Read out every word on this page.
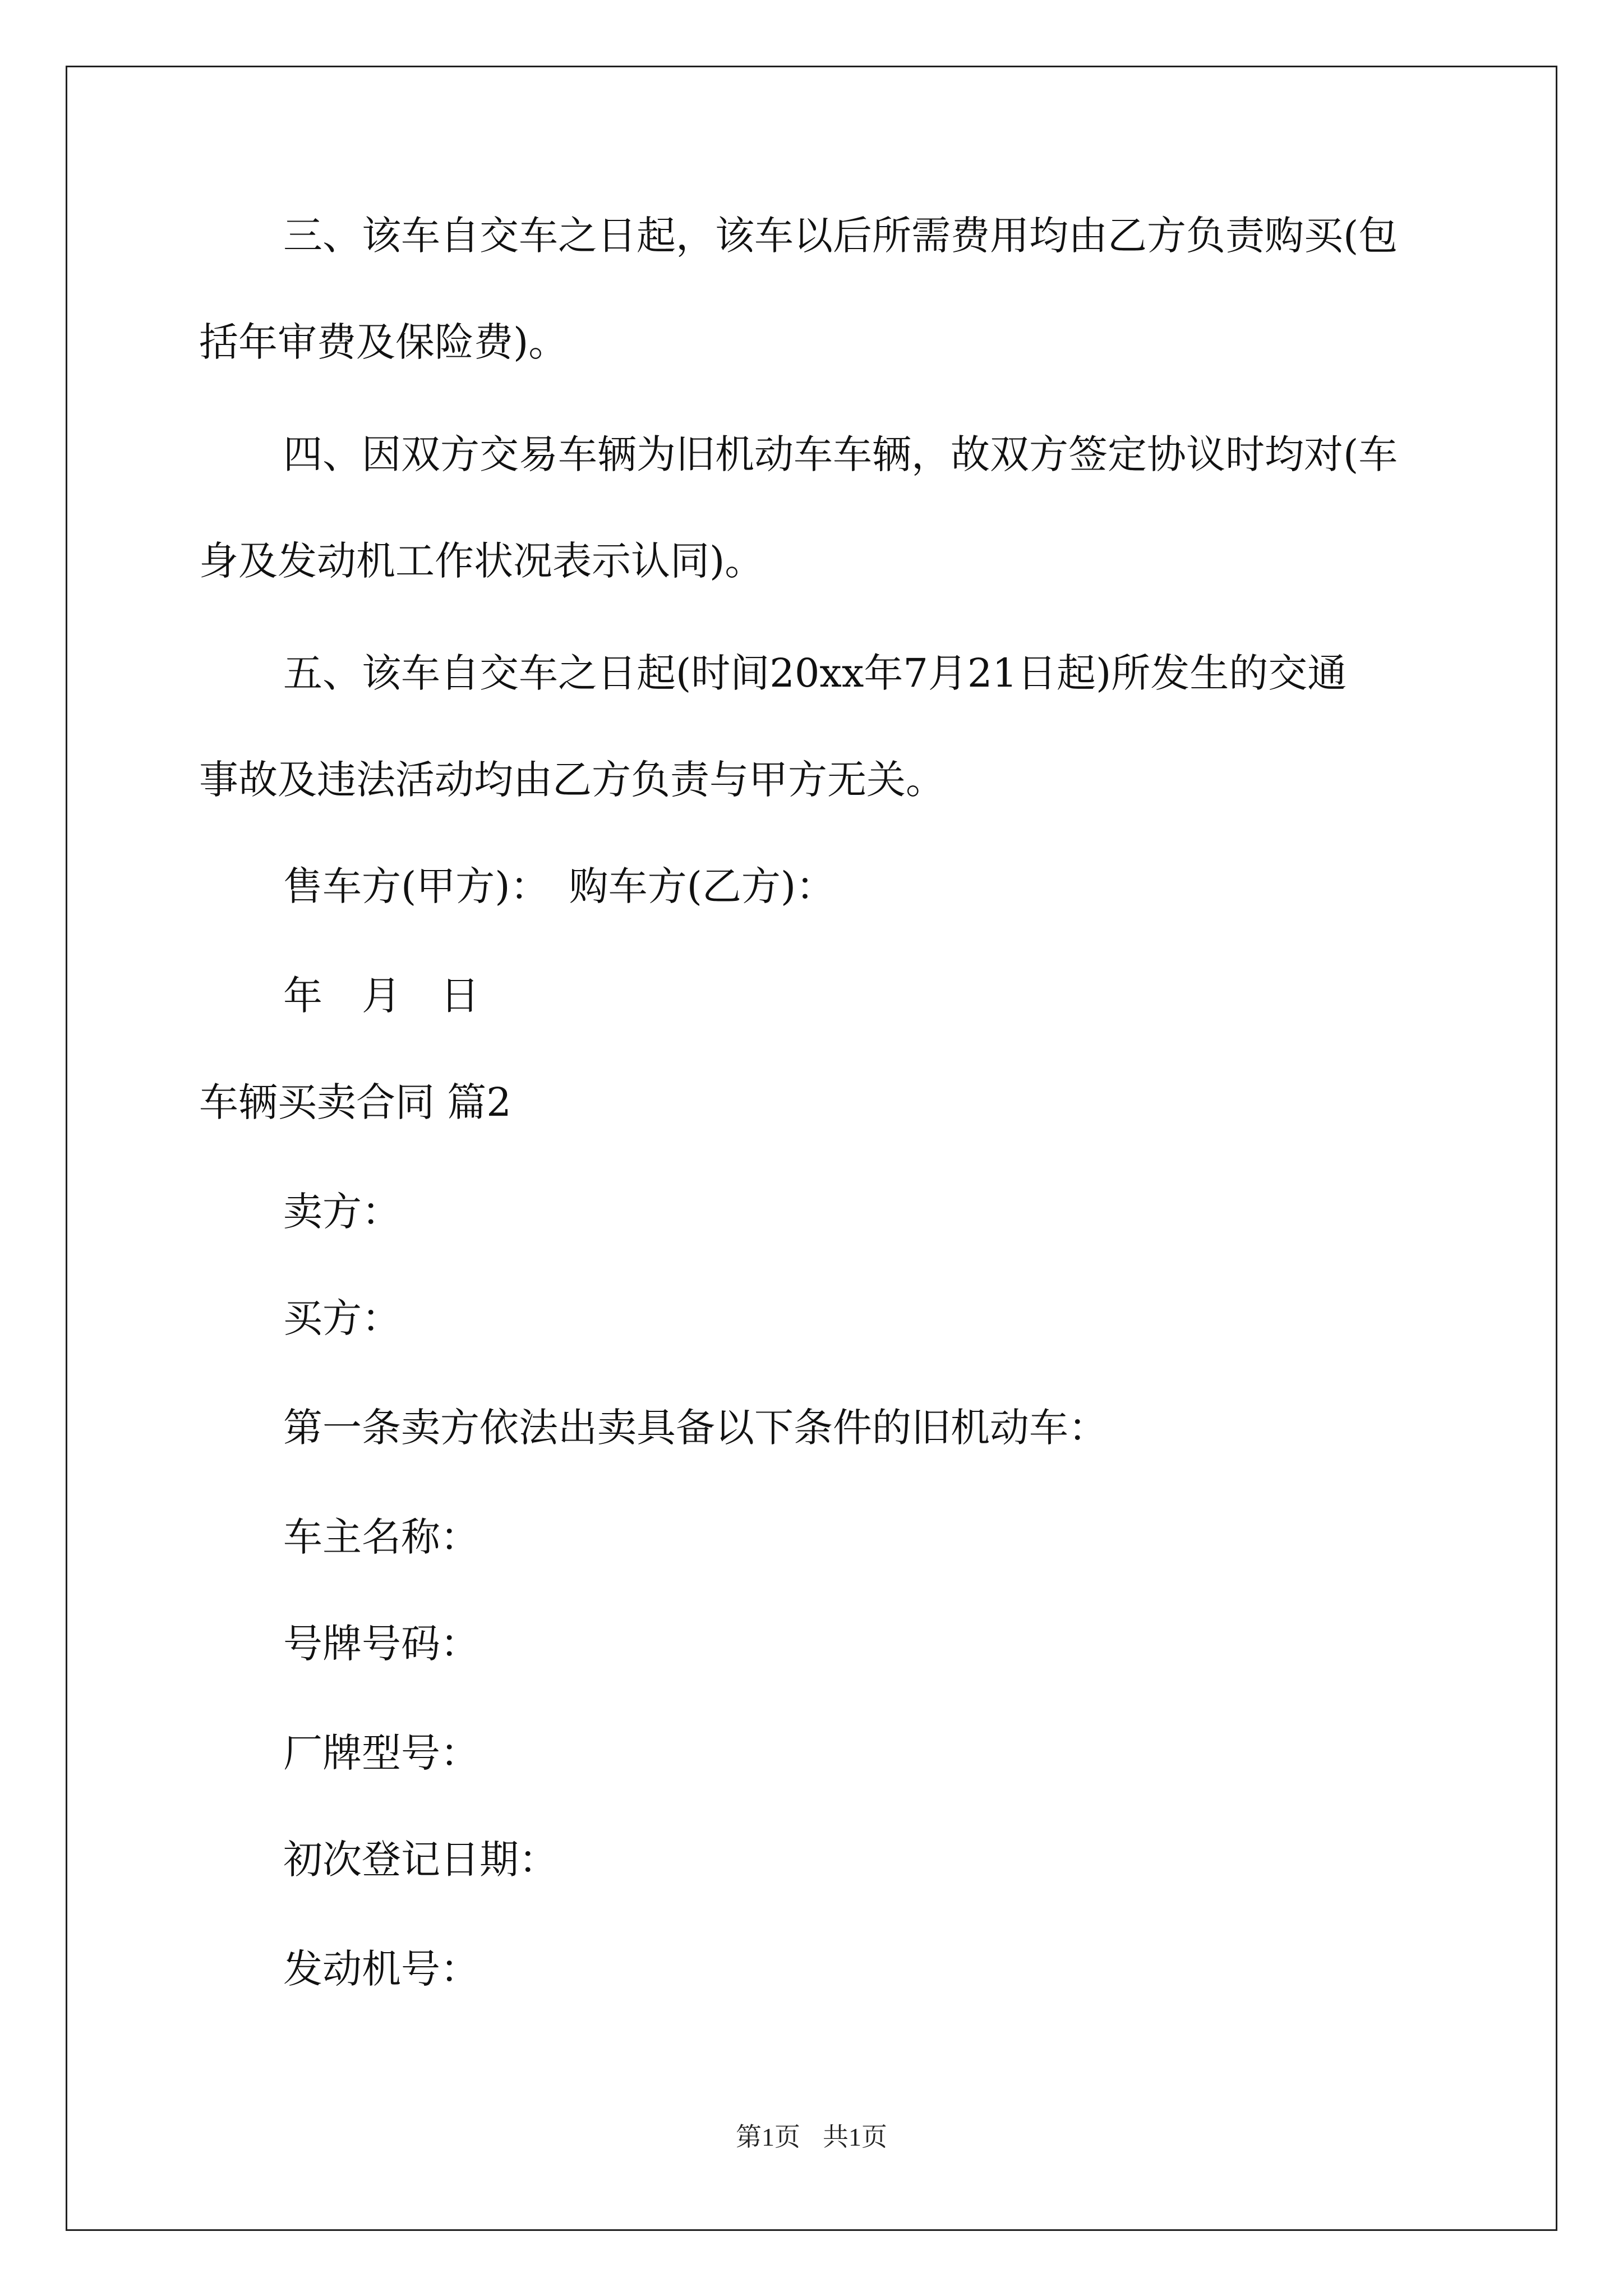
三、该车自交车之日起，该车以后所需费用均由乙方负责购买(包
括年审费及保险费)。
四、因双方交易车辆为旧机动车车辆，故双方签定协议时均对(车
身及发动机工作状况表示认同)。
五、该车自交车之日起(时间20xx年7月21日起)所发生的交通
事故及违法活动均由乙方负责与甲方无关。
售车方(甲方)：　购车方(乙方)：
年　月　日
车辆买卖合同 篇2
卖方：
买方：
第一条卖方依法出卖具备以下条件的旧机动车：
车主名称：
号牌号码：
厂牌型号：
初次登记日期：
发动机号：
第1页 共1页
